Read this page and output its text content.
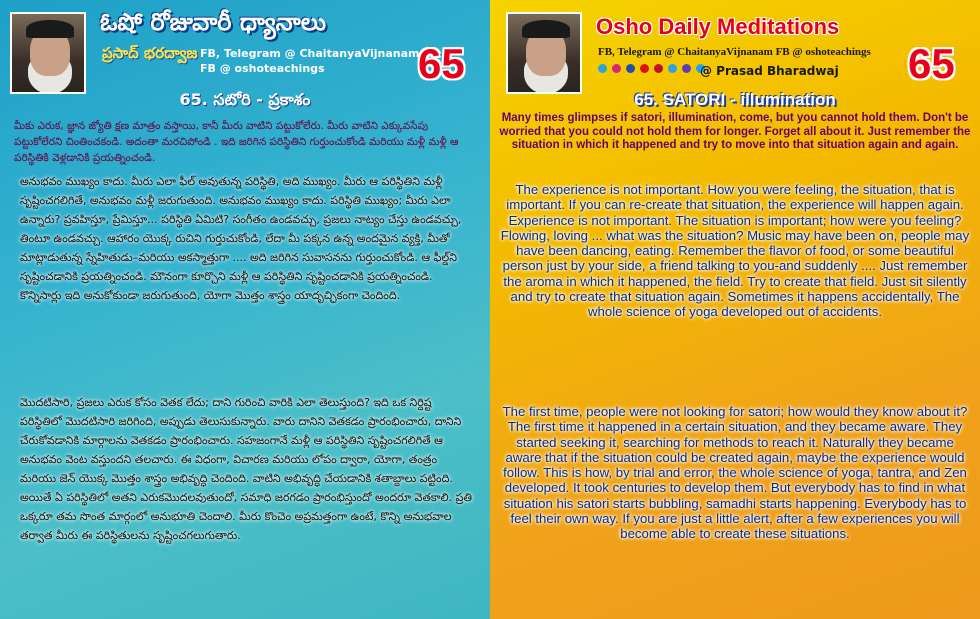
ఓషో రోజువారీ ధ్యానాలు
ప్రసాద్ భరద్వాజ FB, Telegram @ ChaitanyaVijnanam
FB @ oshoteachings	65
65. సటోరి - ప్రకాశం
మీకు ఎరుక, జ్ఞాన జ్యోతి క్షణ మాత్రం వస్తాయి, కానీ మీరు వాటిని పట్టుకోలేరు. మీరు వాటిని ఎక్కువసేపు పట్టుకోలేరని చింతించకండి. అదంతా మరచిపోండి . ఇది జరిగిన పరిస్థితిని గుర్తుంచుకోండి మరియు మళ్లీ మళ్లీ ఆ పరిస్థితికి వెళ్లడానికి ప్రయత్నించండి.
అనుభవం ముఖ్యం కాదు. మీరు ఎలా ఫీల్ అవుతున్న పరిస్థితి, అది ముఖ్యం. మీరు ఆ పరిస్థితిని మళ్లీ సృష్టించగలిగితే, అనుభవం మళ్లీ జరుగుతుంది. అనుభవం ముఖ్యం కాదు. పరిస్థితి ముఖ్యం; మీరు ఎలా ఉన్నారు? ప్రవహిస్తూ, ప్రేమిస్తూ... పరిస్థితి ఏమిటి? సంగీతం ఉండవచ్చు, ప్రజలు నాట్యం చేస్తు ఉండవచ్చు, తింటూ ఉండవచ్చు. ఆహారం యొక్క రుచిని గుర్తుచుకోండి, లేదా మీ పక్కన ఉన్న అందమైన వ్యక్తి, మీతో మాట్లాడుతున్న స్నేహితుడు–మరియు అకస్మాత్తుగా .... అది జరిగిన సువాసనను గుర్తుంచుకోండి. ఆ ఫీల్డ్‌ని సృష్టించడానికి ప్రయత్నించండి. మౌనంగా కూర్చొని మళ్లీ ఆ పరిస్థితిని సృష్టించడానికి ప్రయత్నించండి. కొన్నిసార్లు ఇది అనుకోకుండా జరుగుతుంది, యోగా మొత్తం శాస్త్రం యాదృచ్ఛికంగా చెందింది.
మొదటిసారి, ప్రజలు ఎరుక కోసం వెతక లేదు; దాని గురించి వారికి ఎలా తెలుస్తుంది? ఇది ఒక నిర్దిష్ట పరిస్థితిలో మొదటిసారి జరిగింది, అప్పుడు తెలుసుకున్నారు. వారు దానిని వెతకడం ప్రారంభించారు, దానిని చేరుకోవడానికి మార్గాలను వెతకడం ప్రారంభించారు. సహజంగానే మళ్లీ ఆ పరిస్థితిని సృష్టించగలిగితే ఆ అనుభవం వెంట వస్తుందని తలచారు. ఈ విధంగా, విచారణ మరియు లోపం ద్వారా, యోగా, తంత్రం మరియు జెన్ యొక్క మొత్తం శాస్త్రం అభివృద్ధి చెందింది. వాటిని అభివృద్ధి చేయడానికి శతాబ్దాలు పట్టింది. అయితే ఏ పరిస్థితిలో అతని ఎరుకమొదలవుతుందో, సమాధి జరగడం ప్రారంభిస్తుందో అందరూ వెతకాలి. ప్రతి ఒక్కరూ తమ సొంత మార్గంలో అనుభూతి చెందాలి. మీరు కొంచెం అప్రమత్తంగా ఉంటే, కొన్ని అనుభవాల తర్వాత మీరు ఈ పరిస్థితులను సృష్టించగలుగుతారు.
Osho Daily Meditations
FB, Telegram @ ChaitanyaVijnanam FB @ oshoteachings
@ Prasad Bharadwaj 65
65. SATORI - illumination
Many times glimpses if satori, illumination, come, but you cannot hold them. Don't be worried that you could not hold them for longer. Forget all about it. Just remember the situation in which it happened and try to move into that situation again and again.
The experience is not important. How you were feeling, the situation, that is important. If you can re-create that situation, the experience will happen again. Experience is not important. The situation is important; how were you feeling? Flowing, loving ... what was the situation? Music may have been on, people may have been dancing, eating. Remember the flavor of food, or some beautiful person just by your side, a friend talking to you-and suddenly .... Just remember the aroma in which it happened, the field. Try to create that field. Just sit silently and try to create that situation again. Sometimes it happens accidentally, The whole science of yoga developed out of accidents.
The first time, people were not looking for satori; how would they know about it? The first time it happened in a certain situation, and they became aware. They started seeking it, searching for methods to reach it. Naturally they became aware that if the situation could be created again, maybe the experience would follow. This is how, by trial and error, the whole science of yoga, tantra, and Zen developed. It took centuries to develop them. But everybody has to find in what situation his satori starts bubbling, samadhi starts happening. Everybody has to feel their own way. If you are just a little alert, after a few experiences you will become able to create these situations.
